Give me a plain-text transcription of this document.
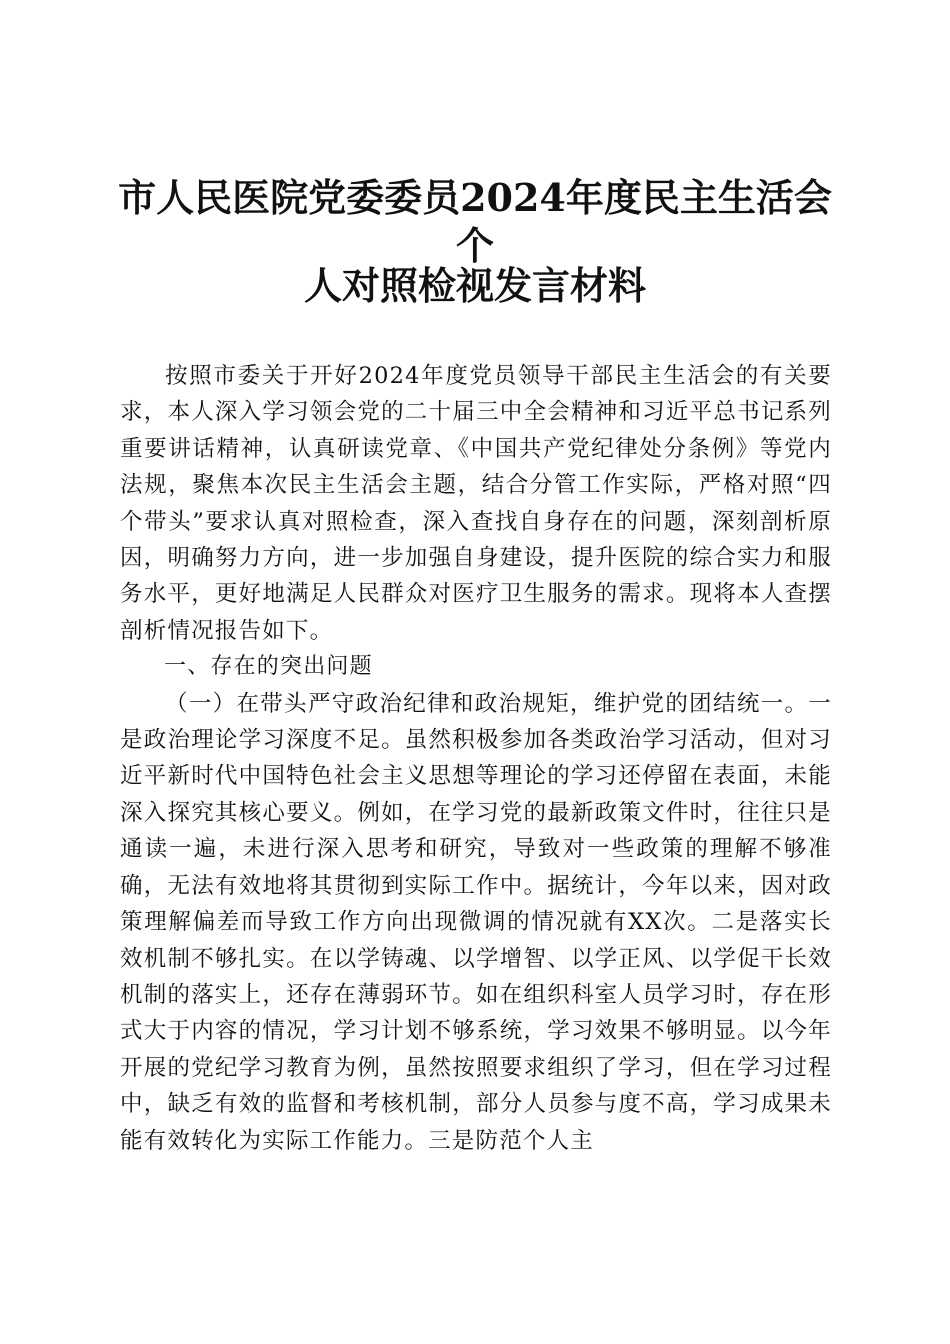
市人民医院党委委员2024年度民主生活会个
人对照检视发言材料

按照市委关于开好2024年度党员领导干部民主生活会的有关要求，本人深入学习领会党的二十届三中全会精神和习近平总书记系列重要讲话精神，认真研读党章、《中国共产党纪律处分条例》等党内法规，聚焦本次民主生活会主题，结合分管工作实际，严格对照“四个带头”要求认真对照检查，深入查找自身存在的问题，深刻剖析原因，明确努力方向，进一步加强自身建设，提升医院的综合实力和服务水平，更好地满足人民群众对医疗卫生服务的需求。现将本人查摆剖析情况报告如下。

一、存在的突出问题

（一）在带头严守政治纪律和政治规矩，维护党的团结统一。一是政治理论学习深度不足。虽然积极参加各类政治学习活动，但对习近平新时代中国特色社会主义思想等理论的学习还停留在表面，未能深入探究其核心要义。例如，在学习党的最新政策文件时，往往只是通读一遍，未进行深入思考和研究，导致对一些政策的理解不够准确，无法有效地将其贯彻到实际工作中。据统计，今年以来，因对政策理解偏差而导致工作方向出现微调的情况就有XX次。二是落实长效机制不够扎实。在以学铸魂、以学增智、以学正风、以学促干长效机制的落实上，还存在薄弱环节。如在组织科室人员学习时，存在形式大于内容的情况，学习计划不够系统，学习效果不够明显。以今年开展的党纪学习教育为例，虽然按照要求组织了学习，但在学习过程中，缺乏有效的监督和考核机制，部分人员参与度不高，学习成果未能有效转化为实际工作能力。三是防范个人主
